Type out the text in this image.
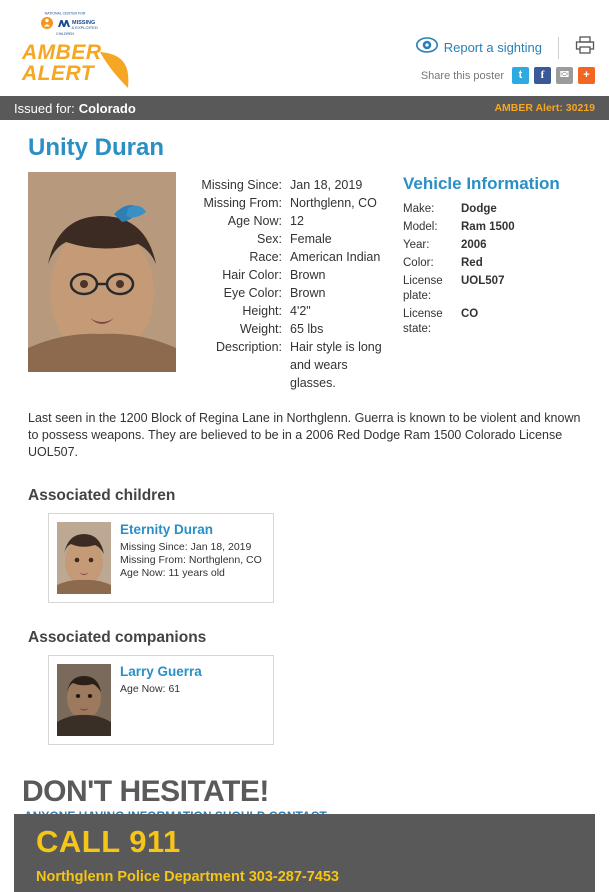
NATIONAL CENTER FOR
MISSING
& EXPLOITED
CHILDREN
AMBER
ALERT
Report a sighting
Share this poster	t	f	✉	+
Issued for: Colorado	AMBER Alert: 30219
Unity Duran
Missing Since: Jan 18, 2019
Missing From: Northglenn, CO
Age Now: 12
Sex: Female
Race: American Indian
Hair Color: Brown
Eye Color: Brown
Height: 4'2"
Weight: 65 lbs
Description: Hair style is long and wears glasses.
Vehicle Information
Make:	Dodge
Model:	Ram 1500
Year:	2006
Color:	Red
License plate:
UOL507
License state:
CO
Last seen in the 1200 Block of Regina Lane in Northglenn. Guerra is known to be violent and known to possess weapons. They are believed to be in a 2006 Red Dodge Ram 1500 Colorado License UOL507.
Associated children
Eternity Duran
Missing Since: Jan 18, 2019
Missing From: Northglenn, CO
Age Now: 11 years old
Associated companions
Larry Guerra
Age Now: 61
DON'T HESITATE!
CALL 911
Northglenn Police Department 303-287-7453
